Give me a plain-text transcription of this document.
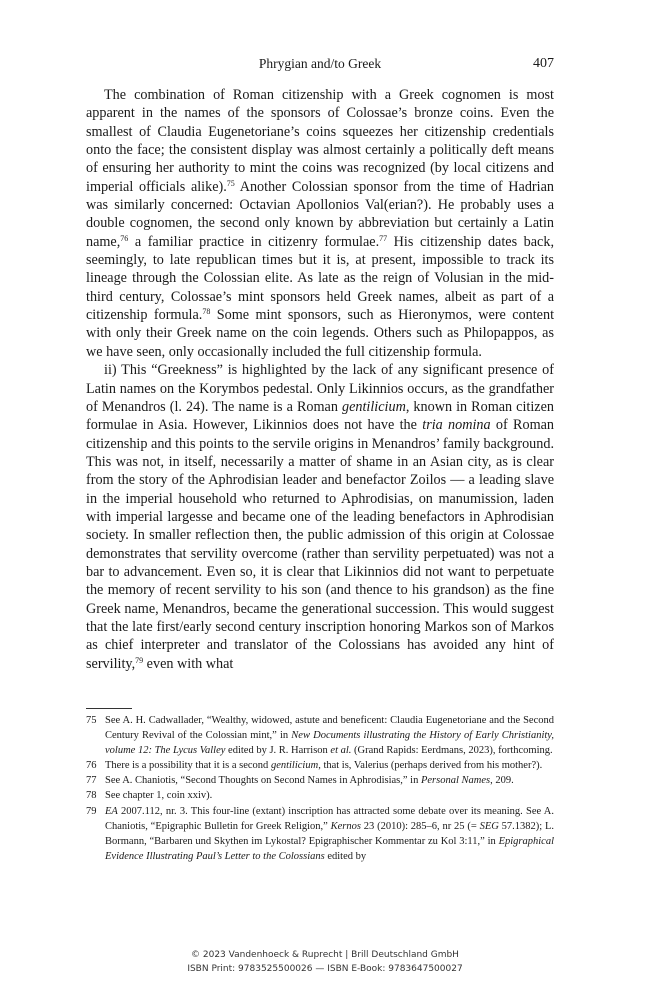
Phrygian and/to Greek	407

The combination of Roman citizenship with a Greek cognomen is most apparent in the names of the sponsors of Colossae’s bronze coins. Even the smallest of Claudia Eugenetoriane’s coins squeezes her citizenship credentials onto the face; the consistent display was almost certainly a politically deft means of ensuring her authority to mint the coins was recognized (by local citizens and imperial officials alike).$^{75}$ Another Colossian sponsor from the time of Hadrian was similarly concerned: Octavian Apollonios Val(erian?). He probably uses a double cognomen, the second only known by abbreviation but certainly a Latin name,$^{76}$ a familiar practice in citizenry formulae.$^{77}$ His citizenship dates back, seemingly, to late republican times but it is, at present, impossible to track its lineage through the Colossian elite. As late as the reign of Volusian in the mid-third century, Colossae’s mint sponsors held Greek names, albeit as part of a citizenship formula.$^{78}$ Some mint sponsors, such as Hieronymos, were content with only their Greek name on the coin legends. Others such as Philopappos, as we have seen, only occasionally included the full citizenship formula.

ii) This “Greekness” is highlighted by the lack of any significant presence of Latin names on the Korymbos pedestal. Only Likinnios occurs, as the grandfather of Menandros (l. 24). The name is a Roman gentilicium, known in Roman citizen formulae in Asia. However, Likinnios does not have the tria nomina of Roman citizenship and this points to the servile origins in Menandros’ family background. This was not, in itself, necessarily a matter of shame in an Asian city, as is clear from the story of the Aphrodisian leader and benefactor Zoilos — a leading slave in the imperial household who returned to Aphrodisias, on manumission, laden with imperial largesse and became one of the leading benefactors in Aphrodisian society. In smaller reflection then, the public admission of this origin at Colossae demonstrates that servility overcome (rather than servility perpetuated) was not a bar to advancement. Even so, it is clear that Likinnios did not want to perpetuate the memory of recent servility to his son (and thence to his grandson) as the fine Greek name, Menandros, became the generational succession. This would suggest that the late first/early second century inscription honoring Markos son of Markos as chief interpreter and translator of the Colossians has avoided any hint of servility,$^{79}$ even with what

75 See A. H. Cadwallader, “Wealthy, widowed, astute and beneficent: Claudia Eugenetoriane and the Second Century Revival of the Colossian mint,” in New Documents illustrating the History of Early Christianity, volume 12: The Lycus Valley edited by J. R. Harrison et al. (Grand Rapids: Eerdmans, 2023), forthcoming.
76 There is a possibility that it is a second gentilicium, that is, Valerius (perhaps derived from his mother?).
77 See A. Chaniotis, “Second Thoughts on Second Names in Aphrodisias,” in Personal Names, 209.
78 See chapter 1, coin xxiv).
79 EA 2007.112, nr. 3. This four-line (extant) inscription has attracted some debate over its meaning. See A. Chaniotis, “Epigraphic Bulletin for Greek Religion,” Kernos 23 (2010): 285–6, nr 25 (= SEG 57.1382); L. Bormann, “Barbaren und Skythen im Lykostal? Epigraphischer Kommentar zu Kol 3:11,” in Epigraphical Evidence Illustrating Paul’s Letter to the Colossians edited by
© 2023 Vandenhoeck & Ruprecht | Brill Deutschland GmbH
ISBN Print: 9783525500026 — ISBN E-Book: 9783647500027
